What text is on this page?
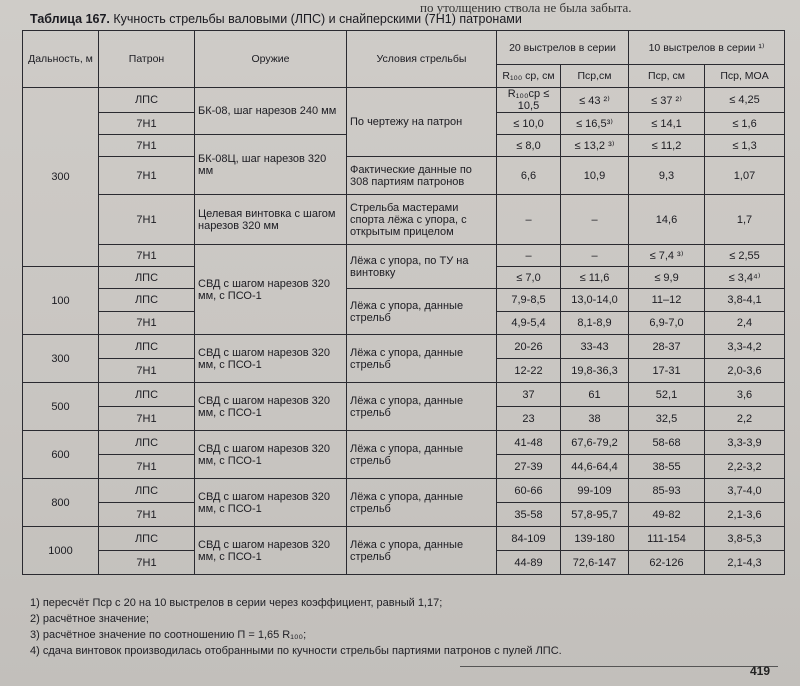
по утолщению ствола не была забыта.
Таблица 167. Кучность стрельбы валовыми (ЛПС) и снайперскими (7Н1) патронами
Дальность, м	Патрон	Оружие	Условия стрельбы	20 выстрелов в серии		10 выстрелов в серии ¹⁾	
				R₁₀₀ ср, см	Пср,см	Пср, см	Пср, MOA
300	ЛПС	БК-08, шаг нарезов 240 мм	По чертежу на патрон	R₁₀₀ср ≤ 10,5	≤ 43 ²⁾	≤ 37 ²⁾	≤ 4,25
	7Н1			≤ 10,0	≤ 16,5³⁾	≤ 14,1	≤ 1,6
	7Н1	БК-08Ц, шаг нарезов 320 мм		≤ 8,0	≤ 13,2 ³⁾	≤ 11,2	≤ 1,3
	7Н1		Фактические данные по 308 партиям патронов	6,6	10,9	9,3	1,07
	7Н1	Целевая винтовка с шагом нарезов 320 мм	Стрельба мастерами спорта лёжа с упора, с открытым прицелом	–	–	14,6	1,7
	7Н1	СВД с шагом нарезов 320 мм, с ПСО-1	Лёжа с упора, по ТУ на винтовку	–	–	≤ 7,4 ³⁾	≤ 2,55
100	ЛПС			≤ 7,0	≤ 11,6	≤ 9,9	≤ 3,4⁴⁾
	ЛПС		Лёжа с упора, данные стрельб	7,9-8,5	13,0-14,0	11–12	3,8-4,1
	7Н1			4,9-5,4	8,1-8,9	6,9-7,0	2,4
300	ЛПС	СВД с шагом нарезов 320 мм, с ПСО-1	Лёжа с упора, данные стрельб	20-26	33-43	28-37	3,3-4,2
	7Н1			12-22	19,8-36,3	17-31	2,0-3,6
500	ЛПС	СВД с шагом нарезов 320 мм, с ПСО-1	Лёжа с упора, данные стрельб	37	61	52,1	3,6
	7Н1			23	38	32,5	2,2
600	ЛПС	СВД с шагом нарезов 320 мм, с ПСО-1	Лёжа с упора, данные стрельб	41-48	67,6-79,2	58-68	3,3-3,9
	7Н1			27-39	44,6-64,4	38-55	2,2-3,2
800	ЛПС	СВД с шагом нарезов 320 мм, с ПСО-1	Лёжа с упора, данные стрельб	60-66	99-109	85-93	3,7-4,0
	7Н1			35-58	57,8-95,7	49-82	2,1-3,6
1000	ЛПС	СВД с шагом нарезов 320 мм, с ПСО-1	Лёжа с упора, данные стрельб	84-109	139-180	111-154	3,8-5,3
	7Н1			44-89	72,6-147	62-126	2,1-4,3
1) пересчёт Пср с 20 на 10 выстрелов в серии через коэффициент, равный 1,17;
2) расчётное значение;
3) расчётное значение по соотношению П = 1,65 R₁₀₀;
4) сдача винтовок производилась отобранными по кучности стрельбы партиями патронов с пулей ЛПС.
419
